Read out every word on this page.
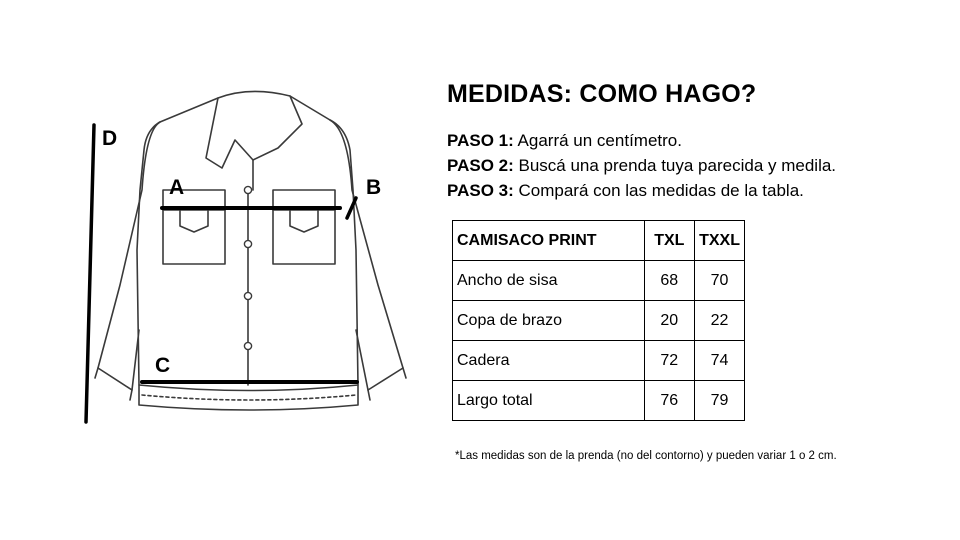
A	B
C
D
MEDIDAS: COMO HAGO?
PASO 1: Agarrá un centímetro.
PASO 2: Buscá una prenda tuya parecida y medila.
PASO 3: Compará con las medidas de la tabla.
CAMISACO PRINT	TXL	TXXL
Ancho de sisa	68	70
Copa de brazo	20	22
Cadera	72	74
Largo total	76	79
*Las medidas son de la prenda (no del contorno) y pueden variar 1 o 2 cm.
